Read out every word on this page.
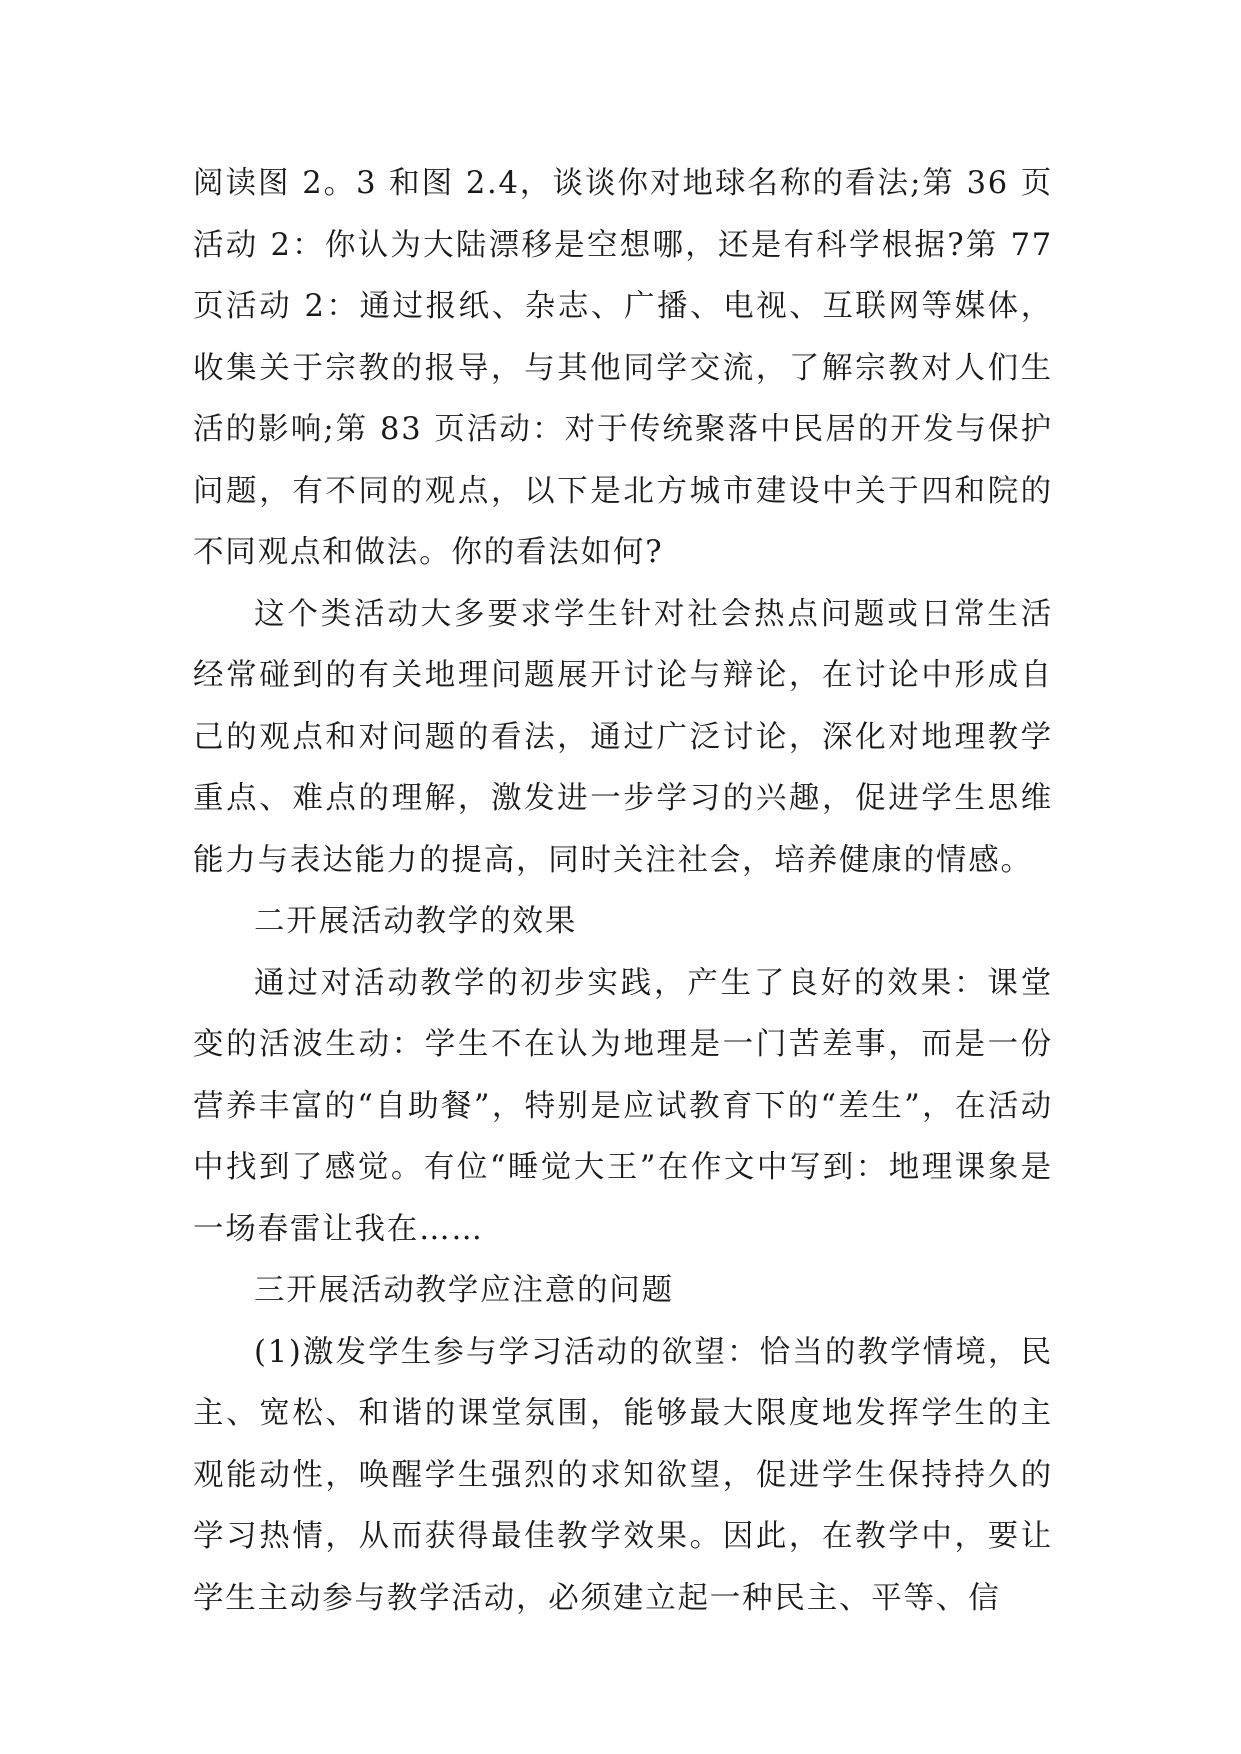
阅读图 2。3 和图 2.4，谈谈你对地球名称的看法;第 36 页活动 2：你认为大陆漂移是空想哪，还是有科学根据?第 77 页活动 2：通过报纸、杂志、广播、电视、互联网等媒体，收集关于宗教的报导，与其他同学交流，了解宗教对人们生活的影响;第 83 页活动：对于传统聚落中民居的开发与保护问题，有不同的观点，以下是北方城市建设中关于四和院的不同观点和做法。你的看法如何?

这个类活动大多要求学生针对社会热点问题或日常生活经常碰到的有关地理问题展开讨论与辩论，在讨论中形成自己的观点和对问题的看法，通过广泛讨论，深化对地理教学重点、难点的理解，激发进一步学习的兴趣，促进学生思维能力与表达能力的提高，同时关注社会，培养健康的情感。

二开展活动教学的效果

通过对活动教学的初步实践，产生了良好的效果：课堂变的活波生动：学生不在认为地理是一门苦差事，而是一份营养丰富的“自助餐”，特别是应试教育下的“差生”，在活动中找到了感觉。有位“睡觉大王”在作文中写到：地理课象是一场春雷让我在……

三开展活动教学应注意的问题

(1)激发学生参与学习活动的欲望：恰当的教学情境，民主、宽松、和谐的课堂氛围，能够最大限度地发挥学生的主观能动性，唤醒学生强烈的求知欲望，促进学生保持持久的学习热情，从而获得最佳教学效果。因此，在教学中，要让学生主动参与教学活动，必须建立起一种民主、平等、信
